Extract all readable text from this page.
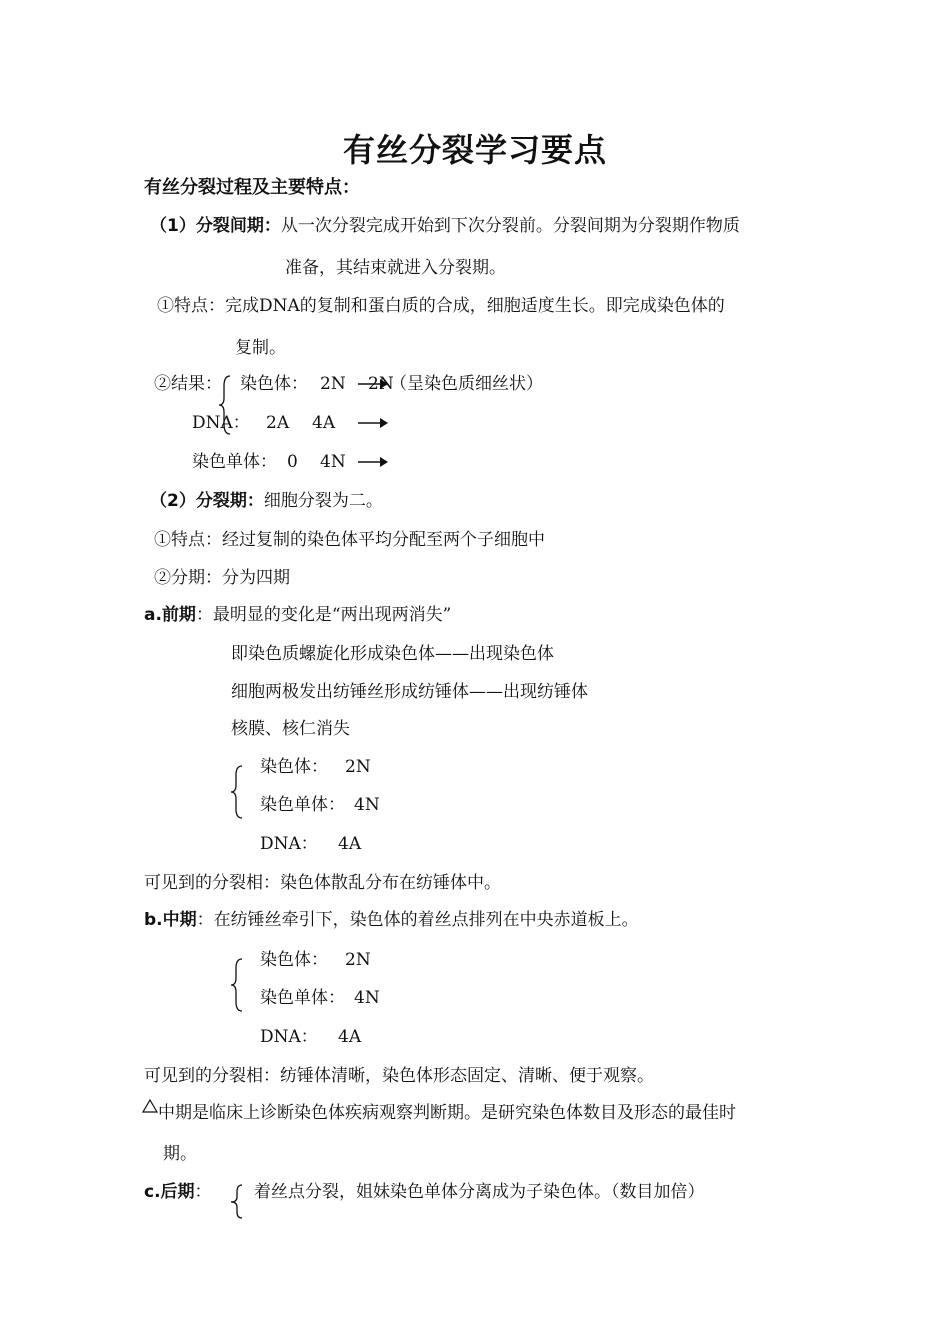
有丝分裂学习要点
有丝分裂过程及主要特点：
（1）分裂间期：从一次分裂完成开始到下次分裂前。分裂间期为分裂期作物质
准备，其结束就进入分裂期。
①特点：完成DNA的复制和蛋白质的合成，细胞适度生长。即完成染色体的
复制。
②结果： 染色体： 2N 2N
（呈染色质细丝状）
DNA： 2A 4A
染色单体： 0 4N
（2）分裂期：细胞分裂为二。
①特点：经过复制的染色体平均分配至两个子细胞中
②分期：分为四期
a.前期：最明显的变化是“两出现两消失”
即染色质螺旋化形成染色体——出现染色体
细胞两极发出纺锤丝形成纺锤体——出现纺锤体
核膜、核仁消失
染色体： 2N
染色单体： 4N
DNA： 4A
可见到的分裂相：染色体散乱分布在纺锤体中。
b.中期：在纺锤丝牵引下，染色体的着丝点排列在中央赤道板上。
染色体： 2N
染色单体： 4N
DNA： 4A
可见到的分裂相：纺锤体清晰，染色体形态固定、清晰、便于观察。
中期是临床上诊断染色体疾病观察判断期。是研究染色体数目及形态的最佳时
期。
c.后期： 着丝点分裂，姐妹染色单体分离成为子染色体。（数目加倍）
